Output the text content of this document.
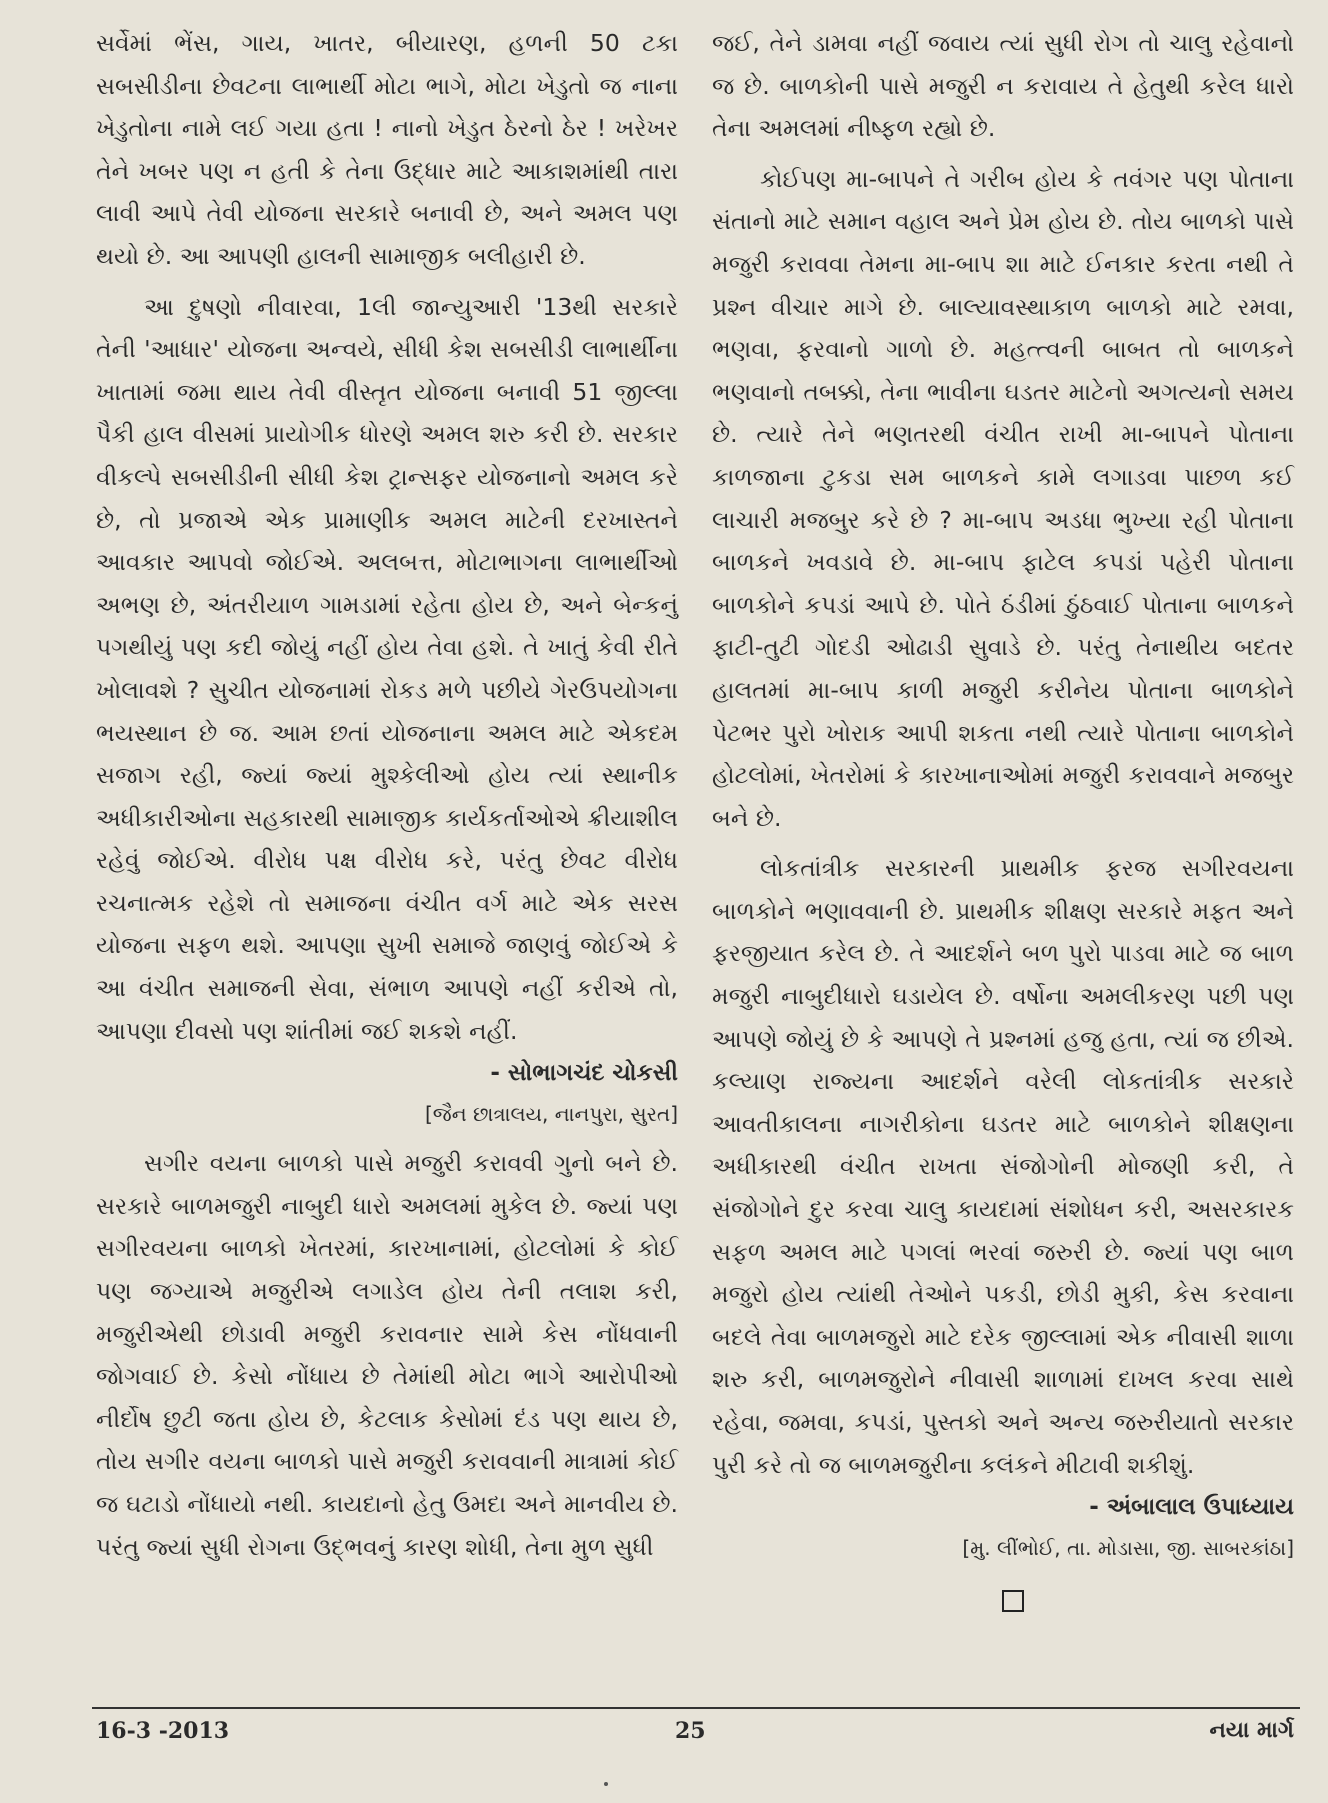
સર્વેમાં ભેંસ, ગાય, ખાતર, બીયારણ, હળની 50 ટકા સબસીડીના છેવટના લાભાર્થી મોટા ભાગે, મોટા ખેડુતો જ નાના ખેડુતોના નામે લઈ ગયા હતા ! નાનો ખેડુત ઠેરનો ઠેર ! ખરેખર તેને ખબર પણ ન હતી કે તેના ઉદ્ધાર માટે આકાશમાંથી તારા લાવી આપે તેવી યોજના સરકારે બનાવી છે, અને અમલ પણ થયો છે. આ આપણી હાલની સામાજીક બલીહારી છે.

આ દુષણો નીવારવા, 1લી જાન્યુઆરી '13થી સરકારે તેની 'આધાર' યોજના અન્વયે, સીધી કેશ સબસીડી લાભાર્થીના ખાતામાં જમા થાય તેવી વીસ્તૃત યોજના બનાવી 51 જીલ્લા પૈકી હાલ વીસમાં પ્રાયોગીક ધોરણે અમલ શરુ કરી છે. સરકાર વીકલ્પે સબસીડીની સીધી કેશ ટ્રાન્સફર યોજનાનો અમલ કરે છે, તો પ્રજાએ એક પ્રામાણીક અમલ માટેની દરખાસ્તને આવકાર આપવો જોઈએ. અલબત્ત, મોટાભાગના લાભાર્થીઓ અભણ છે, અંતરીયાળ ગામડામાં રહેતા હોય છે, અને બેન્કનું પગથીયું પણ કદી જોયું નહીં હોય તેવા હશે. તે ખાતું કેવી રીતે ખોલાવશે ? સુચીત યોજનામાં રોકડ મળે પછીયે ગેરઉપયોગના ભયસ્થાન છે જ. આમ છતાં યોજનાના અમલ માટે એકદમ સજાગ રહી, જ્યાં જ્યાં મુશ્કેલીઓ હોય ત્યાં સ્થાનીક અધીકારીઓના સહકારથી સામાજીક કાર્યકર્તાઓએ ક્રીયાશીલ રહેવું જોઈએ. વીરોધ પક્ષ વીરોધ કરે, પરંતુ છેવટ વીરોધ રચનાત્મક રહેશે તો સમાજના વંચીત વર્ગ માટે એક સરસ યોજના સફળ થશે. આપણા સુખી સમાજે જાણવું જોઈએ કે આ વંચીત સમાજની સેવા, સંભાળ આપણે નહીં કરીએ તો, આપણા દીવસો પણ શાંતીમાં જઈ શકશે નહીં.

- સોભાગચંદ ચોકસી

[જૈન છાત્રાલય, નાનપુરા, સુરત]

સગીર વયના બાળકો પાસે મજુરી કરાવવી ગુનો બને છે. સરકારે બાળમજુરી નાબુદી ધારો અમલમાં મુકેલ છે. જ્યાં પણ સગીરવયના બાળકો ખેતરમાં, કારખાનામાં, હોટલોમાં કે કોઈ પણ જગ્યાએ મજુરીએ લગાડેલ હોય તેની તલાશ કરી, મજુરીએથી છોડાવી મજુરી કરાવનાર સામે કેસ નોંધવાની જોગવાઈ છે. કેસો નોંધાય છે તેમાંથી મોટા ભાગે આરોપીઓ નીર્દોષ છુટી જતા હોય છે, કેટલાક કેસોમાં દંડ પણ થાય છે, તોય સગીર વયના બાળકો પાસે મજુરી કરાવવાની માત્રામાં કોઈ જ ઘટાડો નોંધાયો નથી. કાયદાનો હેતુ ઉમદા અને માનવીય છે. પરંતુ જ્યાં સુધી રોગના ઉદ્ભવનું કારણ શોધી, તેના મુળ સુધી

જઈ, તેને ડામવા નહીં જવાય ત્યાં સુધી રોગ તો ચાલુ રહેવાનો જ છે. બાળકોની પાસે મજુરી ન કરાવાય તે હેતુથી કરેલ ધારો તેના અમલમાં નીષ્ફળ રહ્યો છે.

કોઈપણ મા-બાપને તે ગરીબ હોય કે તવંગર પણ પોતાના સંતાનો માટે સમાન વહાલ અને પ્રેમ હોય છે. તોય બાળકો પાસે મજુરી કરાવવા તેમના મા-બાપ શા માટે ઈનકાર કરતા નથી તે પ્રશ્ન વીચાર માગે છે. બાલ્યાવસ્થાકાળ બાળકો માટે રમવા, ભણવા, ફરવાનો ગાળો છે. મહત્ત્વની બાબત તો બાળકને ભણવાનો તબક્કો, તેના ભાવીના ઘડતર માટેનો અગત્યનો સમય છે. ત્યારે તેને ભણતરથી વંચીત રાખી મા-બાપને પોતાના કાળજાના ટુકડા સમ બાળકને કામે લગાડવા પાછળ કઈ લાચારી મજબુર કરે છે ? મા-બાપ અડધા ભુખ્યા રહી પોતાના બાળકને ખવડાવે છે. મા-બાપ ફાટેલ કપડાં પહેરી પોતાના બાળકોને કપડાં આપે છે. પોતે ઠંડીમાં ઠુંઠવાઈ પોતાના બાળકને ફાટી-તુટી ગોદડી ઓઢાડી સુવાડે છે. પરંતુ તેનાથીય બદતર હાલતમાં મા-બાપ કાળી મજુરી કરીનેય પોતાના બાળકોને પેટભર પુરો ખોરાક આપી શકતા નથી ત્યારે પોતાના બાળકોને હોટલોમાં, ખેતરોમાં કે કારખાનાઓમાં મજુરી કરાવવાને મજબુર બને છે.

લોકતાંત્રીક સરકારની પ્રાથમીક ફરજ સગીરવયના બાળકોને ભણાવવાની છે. પ્રાથમીક શીક્ષણ સરકારે મફત અને ફરજીયાત કરેલ છે. તે આદર્શને બળ પુરો પાડવા માટે જ બાળ મજુરી નાબુદીધારો ઘડાયેલ છે. વર્ષોના અમલીકરણ પછી પણ આપણે જોયું છે કે આપણે તે પ્રશ્નમાં હજુ હતા, ત્યાં જ છીએ. કલ્યાણ રાજ્યના આદર્શને વરેલી લોકતાંત્રીક સરકારે આવતીકાલના નાગરીકોના ઘડતર માટે બાળકોને શીક્ષણના અધીકારથી વંચીત રાખતા સંજોગોની મોજણી કરી, તે સંજોગોને દુર કરવા ચાલુ કાયદામાં સંશોધન કરી, અસરકારક સફળ અમલ માટે પગલાં ભરવાં જરુરી છે. જ્યાં પણ બાળ મજુરો હોય ત્યાંથી તેઓને પકડી, છોડી મુકી, કેસ કરવાના બદલે તેવા બાળમજુરો માટે દરેક જીલ્લામાં એક નીવાસી શાળા શરુ કરી, બાળમજુરોને નીવાસી શાળામાં દાખલ કરવા સાથે રહેવા, જમવા, કપડાં, પુસ્તકો અને અન્ય જરુરીયાતો સરકાર પુરી કરે તો જ બાળમજુરીના કલંકને મીટાવી શકીશું.

- અંબાલાલ ઉપાધ્યાય

[મુ. લીંભોઈ, તા. મોડાસા, જી. સાબરકાંઠા]

16-3 -2013	25	નયા માર્ગ
